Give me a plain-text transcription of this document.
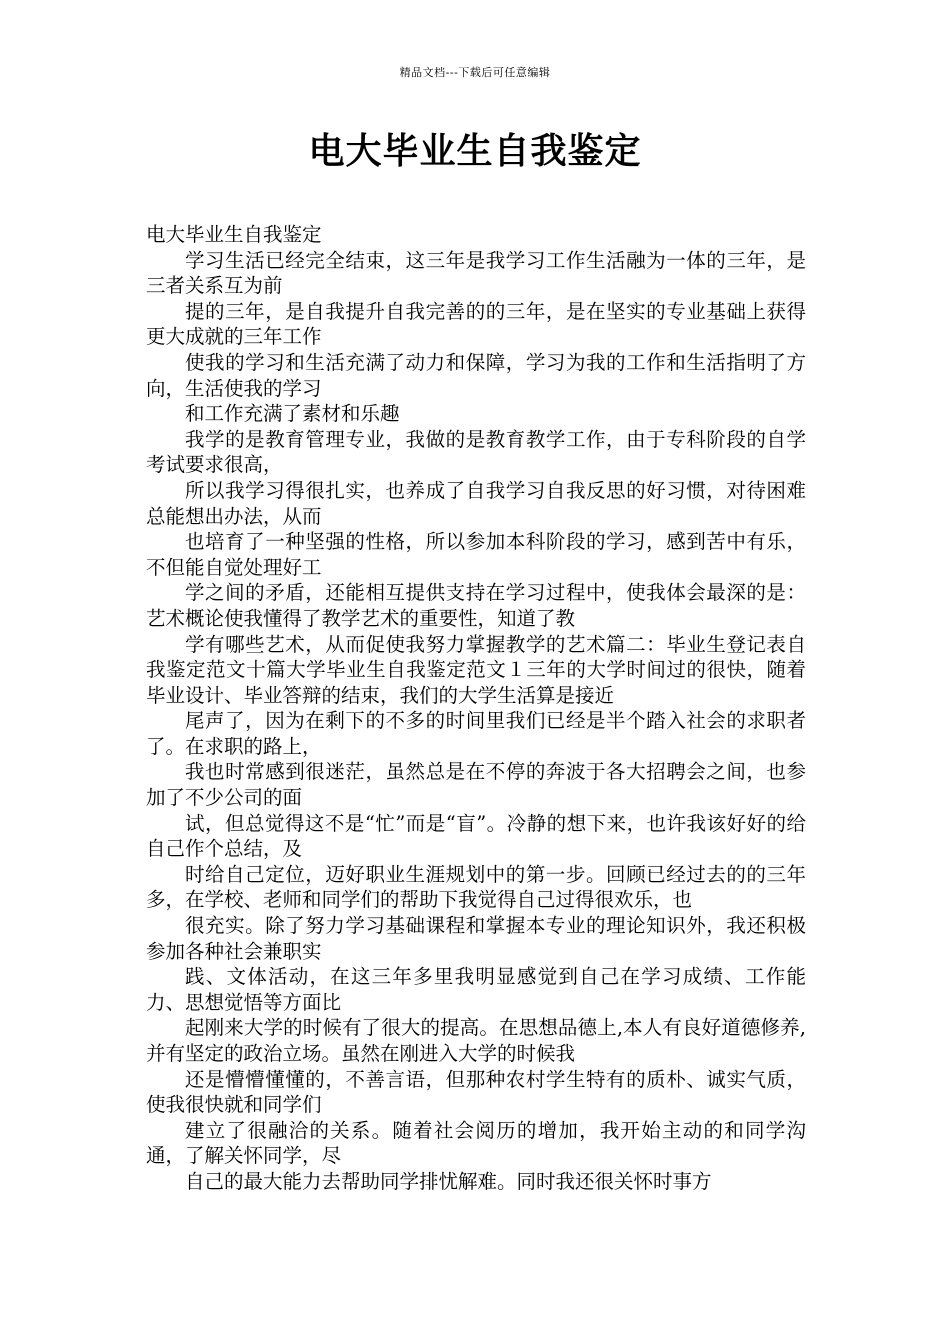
精品文档---下载后可任意编辑
电大毕业生自我鉴定

电大毕业生自我鉴定

学习生活已经完全结束，这三年是我学习工作生活融为一体的三年，是三者关系互为前

提的三年，是自我提升自我完善的的三年，是在坚实的专业基础上获得更大成就的三年工作

使我的学习和生活充满了动力和保障，学习为我的工作和生活指明了方向，生活使我的学习

和工作充满了素材和乐趣

我学的是教育管理专业，我做的是教育教学工作，由于专科阶段的自学考试要求很高，

所以我学习得很扎实，也养成了自我学习自我反思的好习惯，对待困难总能想出办法，从而

也培育了一种坚强的性格，所以参加本科阶段的学习，感到苦中有乐，不但能自觉处理好工

学之间的矛盾，还能相互提供支持在学习过程中，使我体会最深的是：艺术概论使我懂得了教学艺术的重要性，知道了教

学有哪些艺术，从而促使我努力掌握教学的艺术篇二：毕业生登记表自我鉴定范文十篇大学毕业生自我鉴定范文１三年的大学时间过的很快，随着毕业设计、毕业答辩的结束，我们的大学生活算是接近

尾声了，因为在剩下的不多的时间里我们已经是半个踏入社会的求职者了。在求职的路上，

我也时常感到很迷茫，虽然总是在不停的奔波于各大招聘会之间，也参加了不少公司的面

试，但总觉得这不是“忙”而是“盲”。冷静的想下来，也许我该好好的给自己作个总结，及

时给自己定位，迈好职业生涯规划中的第一步。回顾已经过去的的三年多，在学校、老师和同学们的帮助下我觉得自己过得很欢乐，也

很充实。除了努力学习基础课程和掌握本专业的理论知识外，我还积极参加各种社会兼职实

践、文体活动，在这三年多里我明显感觉到自己在学习成绩、工作能力、思想觉悟等方面比

起刚来大学的时候有了很大的提高。在思想品德上,本人有良好道德修养,并有坚定的政治立场。虽然在刚进入大学的时候我

还是懵懵懂懂的，不善言语，但那种农村学生特有的质朴、诚实气质，使我很快就和同学们

建立了很融洽的关系。随着社会阅历的增加，我开始主动的和同学沟通，了解关怀同学，尽

自己的最大能力去帮助同学排忧解难。同时我还很关怀时事方
